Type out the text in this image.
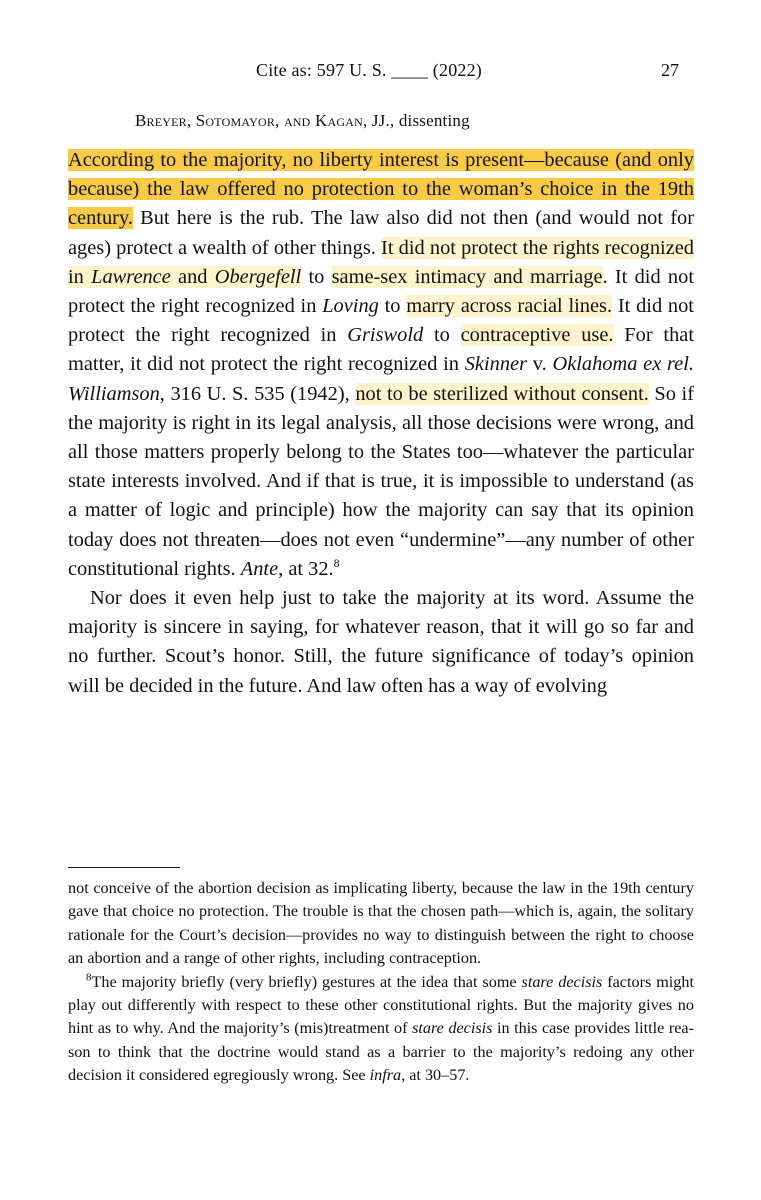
Cite as: 597 U. S. ____ (2022)	27
Breyer, Sotomayor, and Kagan, JJ., dissenting

According to the majority, no liberty interest is present—because (and only because) the law offered no protection to the woman’s choice in the 19th century. But here is the rub. The law also did not then (and would not for ages) protect a wealth of other things. It did not protect the rights recognized in Lawrence and Obergefell to same-sex intimacy and marriage. It did not protect the right recognized in Loving to marry across racial lines. It did not protect the right recognized in Griswold to contraceptive use. For that matter, it did not protect the right recognized in Skinner v. Oklahoma ex rel. Williamson, 316 U. S. 535 (1942), not to be sterilized without consent. So if the majority is right in its legal analysis, all those decisions were wrong, and all those matters properly belong to the States too—whatever the particular state interests involved. And if that is true, it is impossible to understand (as a matter of logic and principle) how the majority can say that its opinion today does not threaten—does not even “undermine”—any number of other constitutional rights. Ante, at 32.$^8$

Nor does it even help just to take the majority at its word. Assume the majority is sincere in saying, for whatever reason, that it will go so far and no further. Scout’s honor. Still, the future significance of today’s opinion will be decided in the future. And law often has a way of evolving

not conceive of the abortion decision as implicating liberty, because the law in the 19th century gave that choice no protection. The trouble is that the chosen path—which is, again, the solitary rationale for the Court’s decision—provides no way to distinguish between the right to choose an abortion and a range of other rights, including contraception.

$^8$The majority briefly (very briefly) gestures at the idea that some stare decisis factors might play out differently with respect to these other constitutional rights. But the majority gives no hint as to why. And the majority’s (mis)treatment of stare decisis in this case provides little reason to think that the doctrine would stand as a barrier to the majority’s redoing any other decision it considered egregiously wrong. See infra, at 30–57.
